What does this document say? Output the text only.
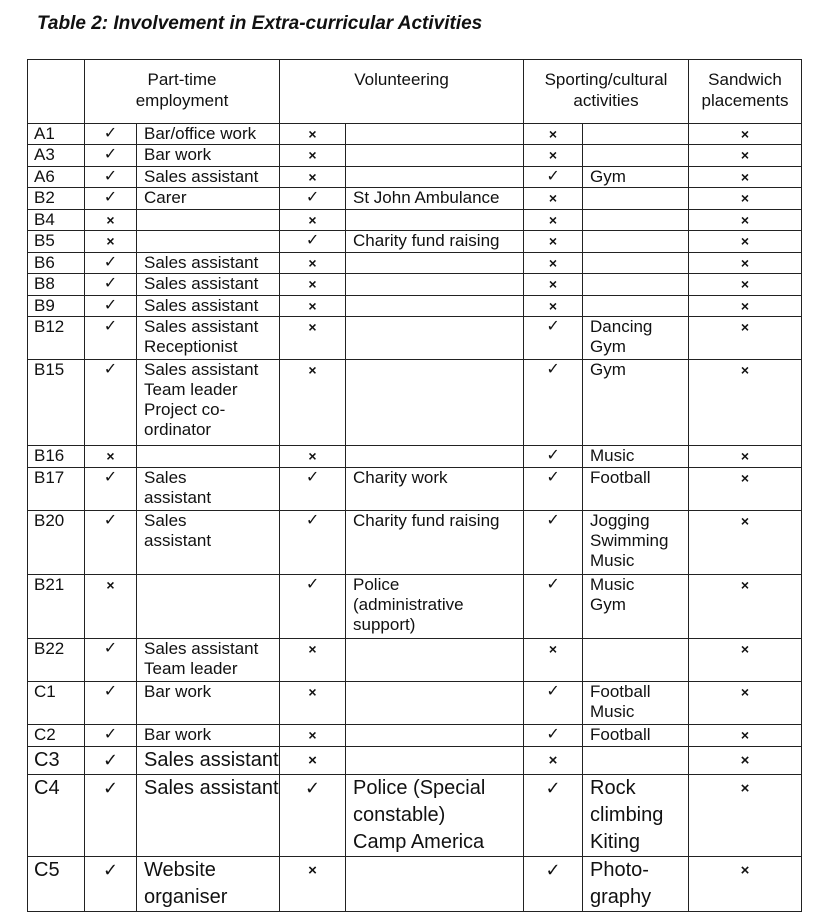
Table 2: Involvement in Extra-curricular Activities
	Part-time
employment		Volunteering		Sporting/cultural
activities		Sandwich
placements
A1	✓	Bar/office work	×		×		×
A3	✓	Bar work	×		×		×
A6	✓	Sales assistant	×		✓	Gym	×
B2	✓	Carer	✓	St John Ambulance	×		×
B4	×		×		×		×
B5	×		✓	Charity fund raising	×		×
B6	✓	Sales assistant	×		×		×
B8	✓	Sales assistant	×		×		×
B9	✓	Sales assistant	×		×		×
B12	✓	Sales assistant
Receptionist	×		✓	Dancing
Gym	×
B15	✓	Sales assistant
Team leader
Project co-
ordinator	×		✓	Gym	×
B16	×		×		✓	Music	×
B17	✓	Sales
assistant	✓	Charity work	✓	Football	×
B20	✓	Sales
assistant	✓	Charity fund raising	✓	Jogging
Swimming
Music	×
B21	×		✓	Police
(administrative
support)	✓	Music
Gym	×
B22	✓	Sales assistant
Team leader	×		×		×
C1	✓	Bar work	×		✓	Football
Music	×
C2	✓	Bar work	×		✓	Football	×
C3	✓	Sales assistant	×		×		×
C4	✓	Sales assistant	✓	Police (Special
constable)
Camp America	✓	Rock
climbing
Kiting	×
C5	✓	Website
organiser	×		✓	Photo-
graphy	×
